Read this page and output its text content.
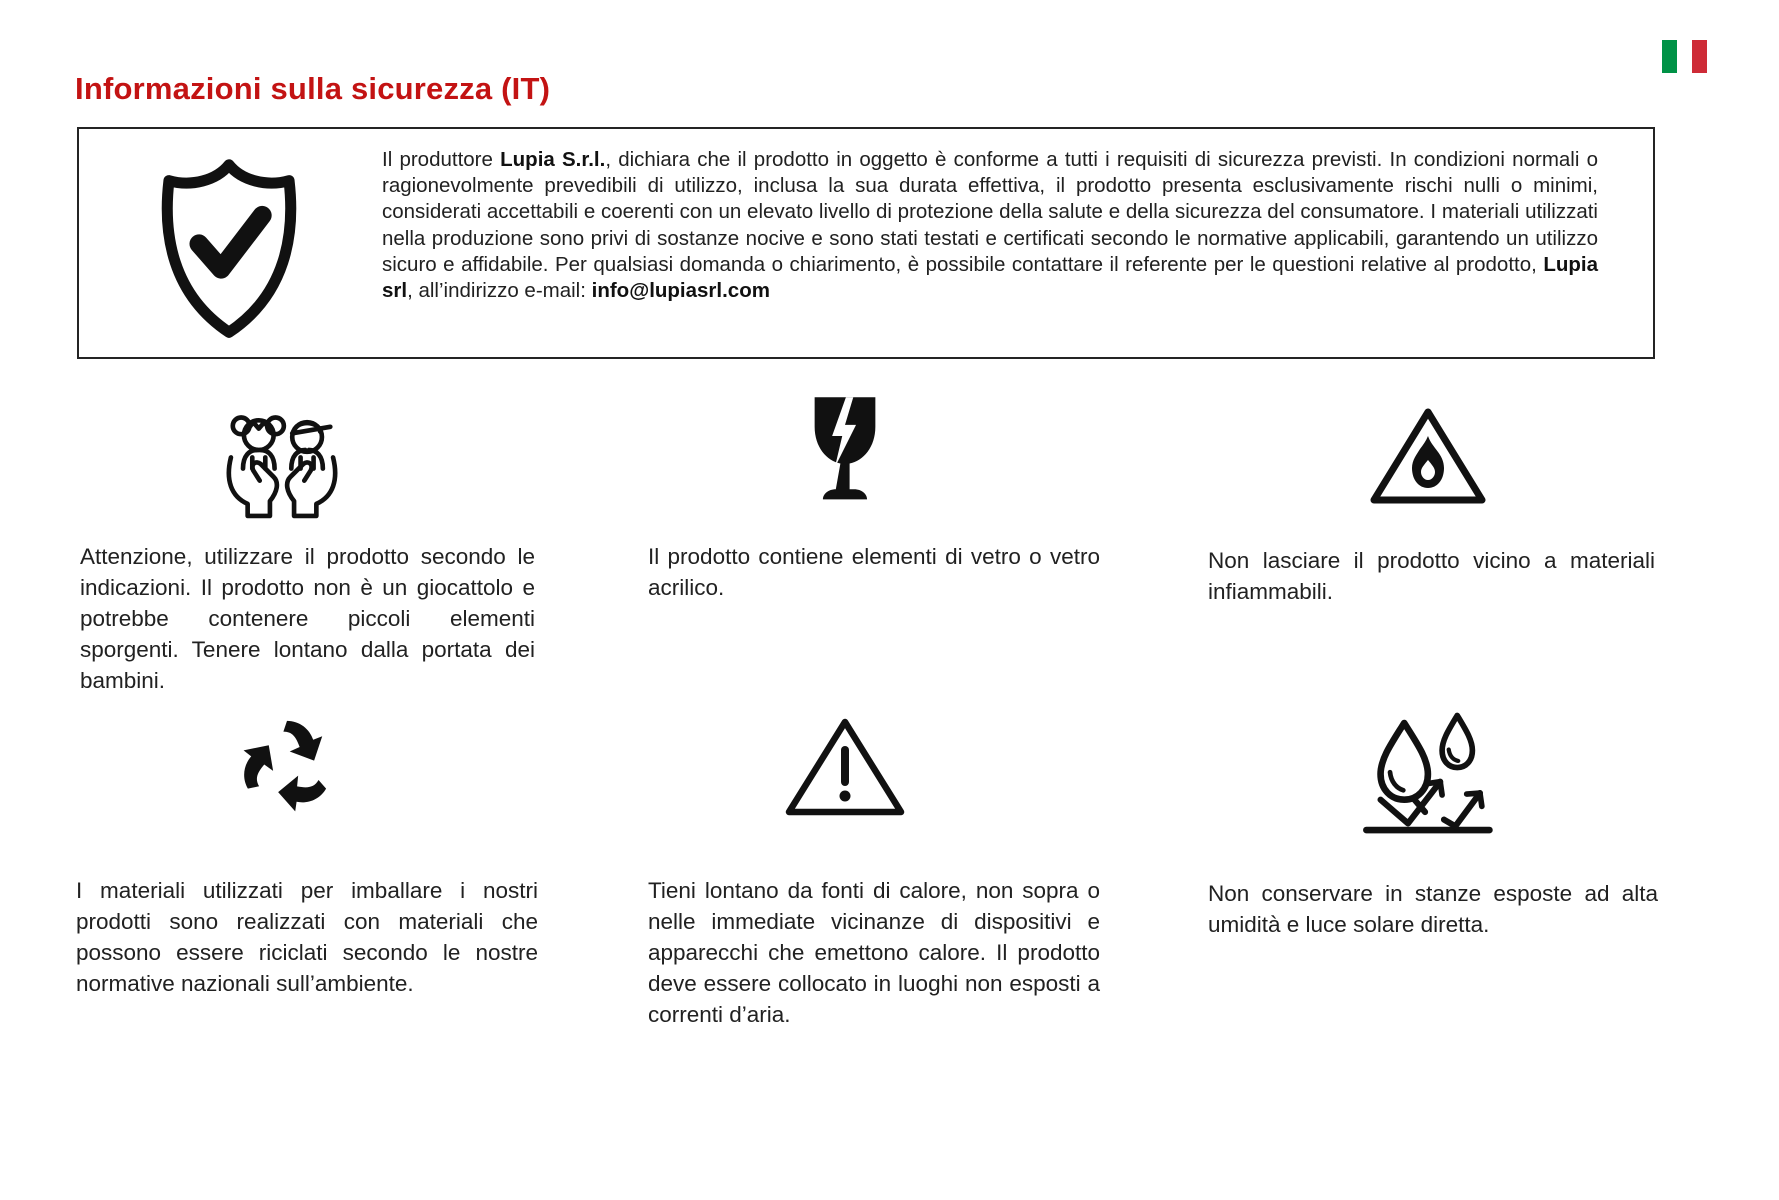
Informazioni sulla sicurezza (IT)

Il produttore Lupia S.r.l., dichiara che il prodotto in oggetto è conforme a tutti i requisiti di sicurezza previsti. In condizioni normali o ragionevolmente prevedibili di utilizzo, inclusa la sua durata effettiva, il prodotto presenta esclusivamente rischi nulli o minimi, considerati accettabili e coerenti con un elevato livello di protezione della salute e della sicurezza del consumatore. I materiali utilizzati nella produzione sono privi di sostanze nocive e sono stati testati e certificati secondo le normative applicabili, garantendo un utilizzo sicuro e affidabile. Per qualsiasi domanda o chiarimento, è possibile contattare il referente per le questioni relative al prodotto, Lupia srl, all’indirizzo e-mail: info@lupiasrl.com

Attenzione, utilizzare il prodotto secondo le indicazioni. Il prodotto non è un giocattolo e potrebbe contenere piccoli elementi sporgenti. Tenere lontano dalla portata dei bambini.

Il prodotto contiene elementi di vetro o vetro acrilico.

Non lasciare il prodotto vicino a materiali infiammabili.

I materiali utilizzati per imballare i nostri prodotti sono realizzati con materiali che possono essere riciclati secondo le nostre normative nazionali sull’ambiente.

Tieni lontano da fonti di calore, non sopra o nelle immediate vicinanze di dispositivi e apparecchi che emettono calore. Il prodotto deve essere collocato in luoghi non esposti a correnti d’aria.

Non conservare in stanze esposte ad alta umidità e luce solare diretta.
